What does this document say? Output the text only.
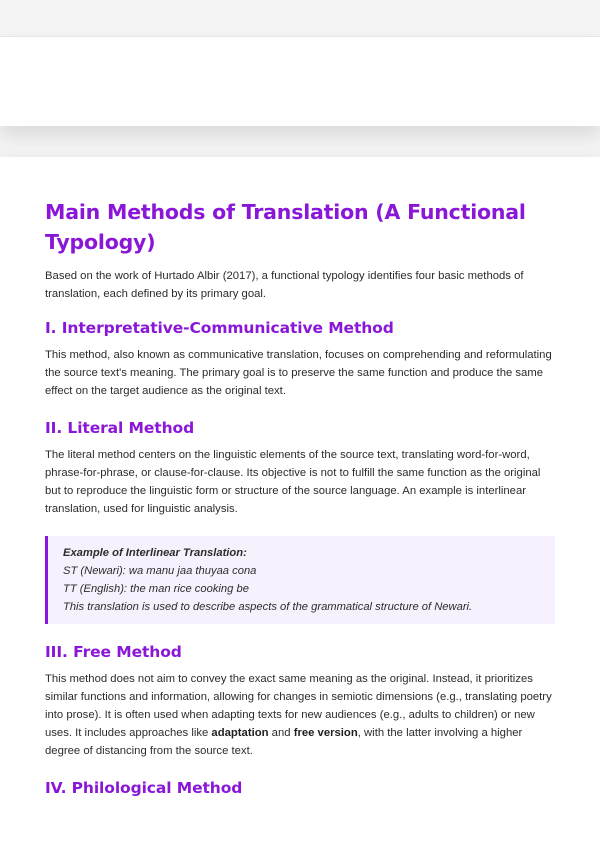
Main Methods of Translation (A Functional Typology)

Based on the work of Hurtado Albir (2017), a functional typology identifies four basic methods of translation, each defined by its primary goal.

I. Interpretative-Communicative Method

This method, also known as communicative translation, focuses on comprehending and reformulating the source text's meaning. The primary goal is to preserve the same function and produce the same effect on the target audience as the original text.

II. Literal Method

The literal method centers on the linguistic elements of the source text, translating word-for-word, phrase-for-phrase, or clause-for-clause. Its objective is not to fulfill the same function as the original but to reproduce the linguistic form or structure of the source language. An example is interlinear translation, used for linguistic analysis.

Example of Interlinear Translation:
ST (Newari): wa manu jaa thuyaa cona
TT (English): the man rice cooking be
This translation is used to describe aspects of the grammatical structure of Newari.
III. Free Method

This method does not aim to convey the exact same meaning as the original. Instead, it prioritizes similar functions and information, allowing for changes in semiotic dimensions (e.g., translating poetry into prose). It is often used when adapting texts for new audiences (e.g., adults to children) or new uses. It includes approaches like adaptation and free version, with the latter involving a higher degree of distancing from the source text.

IV. Philological Method
